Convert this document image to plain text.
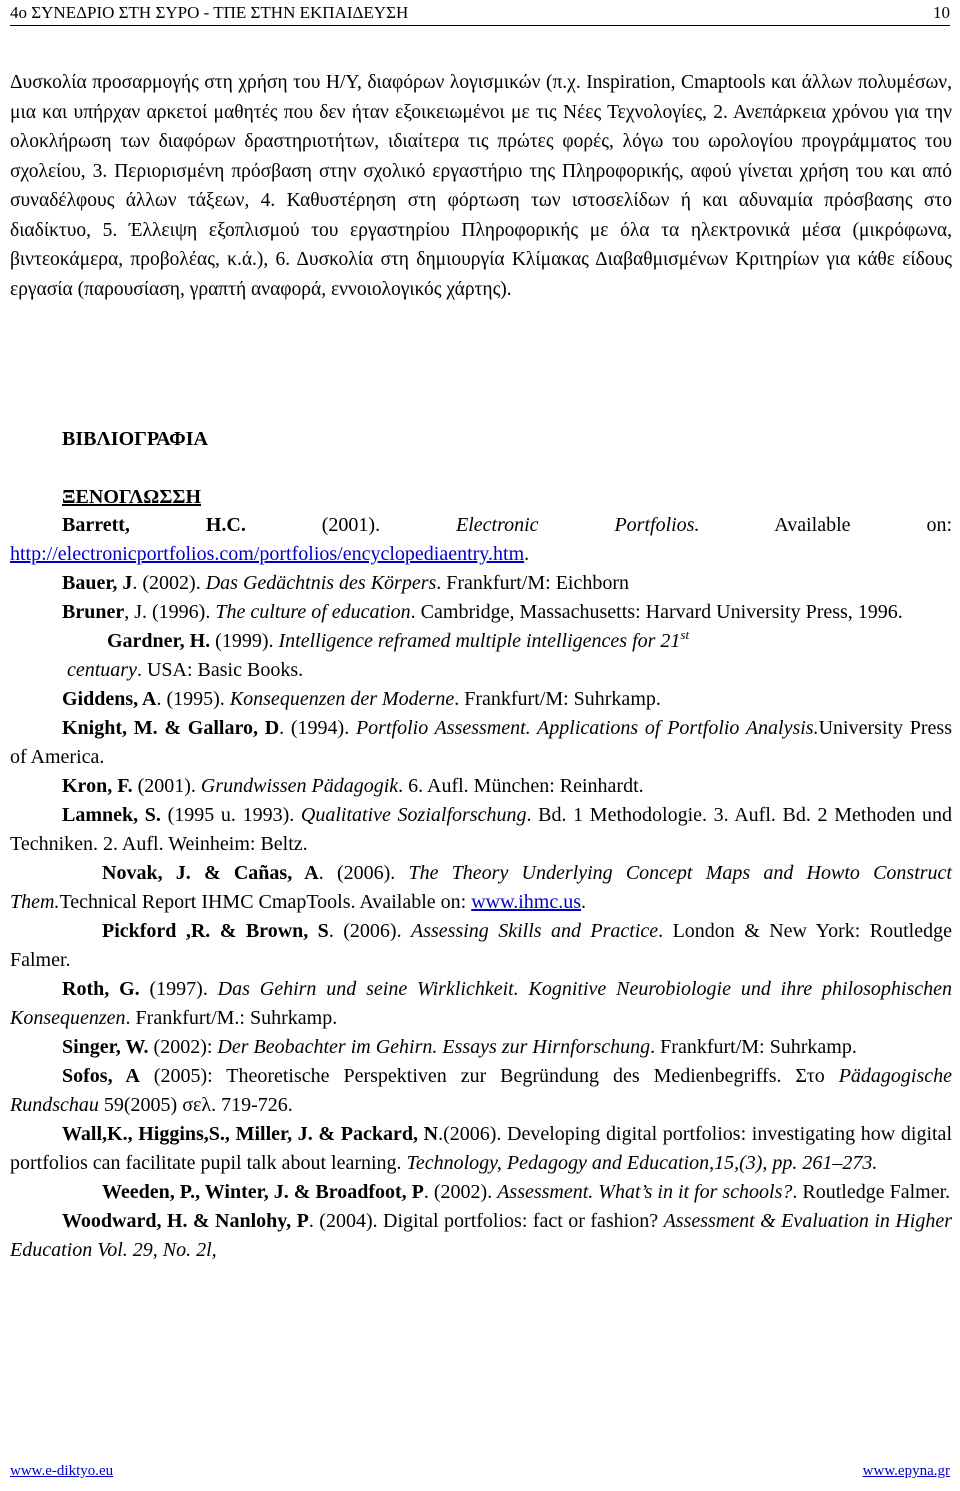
4ο ΣΥΝΕΔΡΙΟ ΣΤΗ ΣΥΡΟ - ΤΠΕ ΣΤΗΝ ΕΚΠΑΙΔΕΥΣΗ	10

Δυσκολία προσαρμογής στη χρήση του Η/Υ, διαφόρων λογισμικών (π.χ. Inspiration, Cmaptools και άλλων πολυμέσων, μια και υπήρχαν αρκετοί μαθητές που δεν ήταν εξοικειωμένοι με τις Νέες Τεχνολογίες, 2. Ανεπάρκεια χρόνου για την ολοκλήρωση των διαφόρων δραστηριοτήτων, ιδιαίτερα τις πρώτες φορές, λόγω του ωρολογίου προγράμματος του σχολείου, 3. Περιορισμένη πρόσβαση στην σχολικό εργαστήριο της Πληροφορικής, αφού γίνεται χρήση του και από συναδέλφους άλλων τάξεων, 4. Καθυστέρηση στη φόρτωση των ιστοσελίδων ή και αδυναμία πρόσβασης στο διαδίκτυο, 5. Έλλειψη εξοπλισμού του εργαστηρίου Πληροφορικής με όλα τα ηλεκτρονικά μέσα (μικρόφωνα, βιντεοκάμερα, προβολέας, κ.ά.), 6. Δυσκολία στη δημιουργία Κλίμακας Διαβαθμισμένων Κριτηρίων για κάθε είδους εργασία (παρουσίαση, γραπτή αναφορά, εννοιολογικός χάρτης).

ΒΙΒΛΙΟΓΡΑΦΙΑ
ΞΕΝΟΓΛΩΣΣΗ

Barrett, H.C. (2001). Electronic Portfolios. Available on: http://electronicportfolios.com/portfolios/encyclopediaentry.htm.

Bauer, J. (2002). Das Gedächtnis des Körpers. Frankfurt/M: Eichborn

Bruner, J. (1996). The culture of education. Cambridge, Massachusetts: Harvard University Press, 1996.

Gardner, H. (1999). Intelligence reframed multiple intelligences for 21st
centuary. USA: Basic Books.

Giddens, A. (1995). Konsequenzen der Moderne. Frankfurt/M: Suhrkamp.

Knight, M. & Gallaro, D. (1994). Portfolio Assessment. Applications of Portfolio Analysis.University Press of America.

Kron, F. (2001). Grundwissen Pädagogik. 6. Aufl. München: Reinhardt.

Lamnek, S. (1995 u. 1993). Qualitative Sozialforschung. Bd. 1 Methodologie. 3. Aufl. Bd. 2 Methoden und Techniken. 2. Aufl. Weinheim: Beltz.

Novak, J. & Cañas, A. (2006). The Theory Underlying Concept Maps and Howto Construct Them.Technical Report IHMC CmapTools. Available on: www.ihmc.us.

Pickford ,R. & Brown, S. (2006). Assessing Skills and Practice. London & New York: Routledge Falmer.

Roth, G. (1997). Das Gehirn und seine Wirklichkeit. Kognitive Neurobiologie und ihre philosophischen Konsequenzen. Frankfurt/M.: Suhrkamp.

Singer, W. (2002): Der Beobachter im Gehirn. Essays zur Hirnforschung. Frankfurt/M: Suhrkamp.

Sofos, A (2005): Theoretische Perspektiven zur Begründung des Medienbegriffs. Στο Pädagogische Rundschau 59(2005) σελ. 719-726.

Wall,K., Higgins,S., Miller, J. & Packard, N.(2006). Developing digital portfolios: investigating how digital portfolios can facilitate pupil talk about learning. Technology, Pedagogy and Education,15,(3), pp. 261–273.

Weeden, P., Winter, J. & Broadfoot, P. (2002). Assessment. What’s in it for schools?. Routledge Falmer.

Woodward, H. & Nanlohy, P. (2004). Digital portfolios: fact or fashion? Assessment & Evaluation in Higher Education Vol. 29, No. 2l,

www.e-diktyo.eu	www.epyna.gr
